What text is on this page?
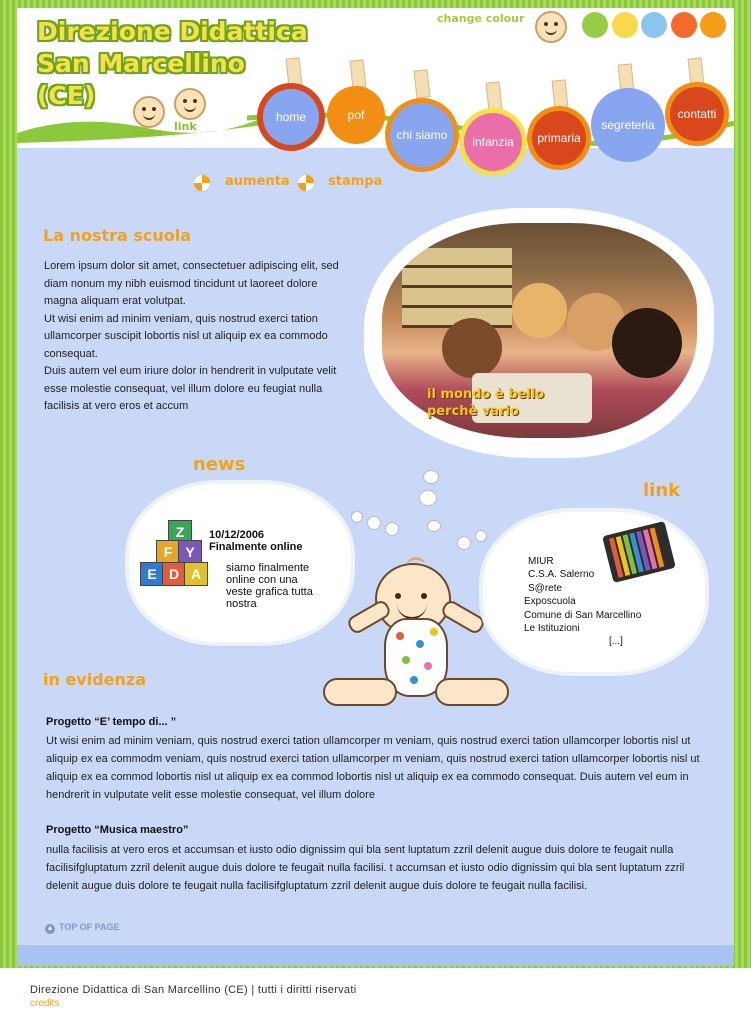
Direzione Didattica
San Marcellino
(CE)
news link
change colour
home	pof
chi siamo infanzia primaria
segreteria
contatti
aumenta	stampa
La nostra scuola
Lorem ipsum dolor sit amet, consectetuer adipiscing elit, sed diam nonum my nibh euismod tincidunt ut laoreet dolore magna aliquam erat volutpat.
Ut wisi enim ad minim veniam, quis nostrud exerci tation ullamcorper suscipit lobortis nisl ut aliquip ex ea commodo consequat.
Duis autem vel eum iriure dolor in hendrerit in vulputate velit esse molestie consequat, vel illum dolore eu feugiat nulla facilisis at vero eros et accum
il mondo è bello
perchè vario
news
Z
F Y
E D A
10/12/2006
Finalmente online
siamo finalmente online con una veste grafica tutta nostra
link
MIUR
C.S.A. Salerno
S@rete
Exposcuola
Comune di San Marcellino
Le Istituzioni
[...]
in evidenza
Progetto “E’ tempo di... ”
Ut wisi enim ad minim veniam, quis nostrud exerci tation ullamcorper m veniam, quis nostrud exerci tation ullamcorper lobortis nisl ut aliquip ex ea commodm veniam, quis nostrud exerci tation ullamcorper m veniam, quis nostrud exerci tation ullamcorper lobortis nisl ut aliquip ex ea commod lobortis nisl ut aliquip ex ea commod lobortis nisl ut aliquip ex ea commodo consequat. Duis autem vel eum in hendrerit in vulputate velit esse molestie consequat, vel illum dolore
Progetto “Musica maestro”
nulla facilisis at vero eros et accumsan et iusto odio dignissim qui bla sent luptatum zzril delenit augue duis dolore te feugait nulla facilisifgluptatum zzril delenit augue duis dolore te feugait nulla facilisi. t accumsan et iusto odio dignissim qui bla sent luptatum zzril delenit augue duis dolore te feugait nulla facilisifgluptatum zzril delenit augue duis dolore te feugait nulla facilisi.
▲ TOP OF PAGE
Direzione Didattica di San Marcellino (CE) | tutti i diritti riservati
credits
